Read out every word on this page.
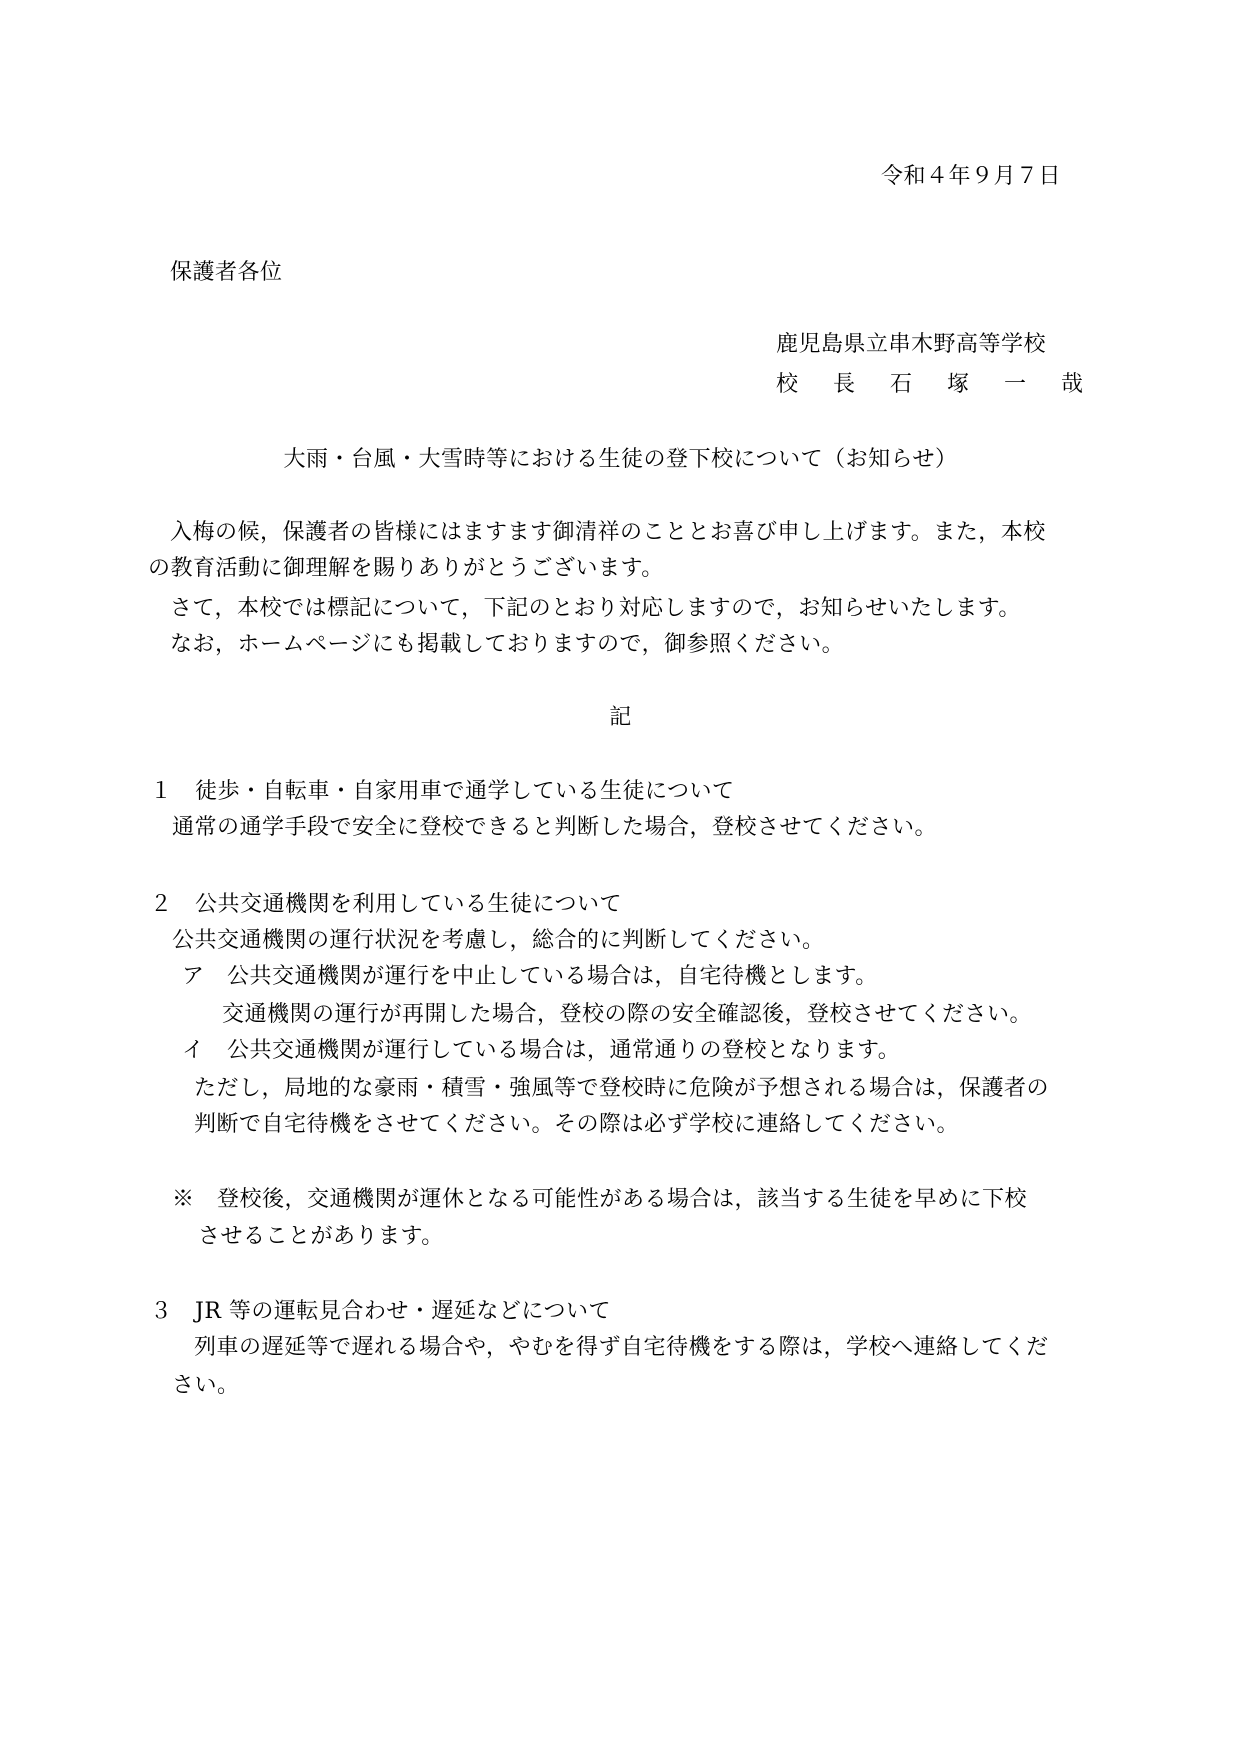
令和４年９月７日
保護者各位
鹿児島県立串木野高等学校
校 長 石 塚 一 哉
大雨・台風・大雪時等における生徒の登下校について（お知らせ）
入梅の候，保護者の皆様にはますます御清祥のこととお喜び申し上げます。また，本校
の教育活動に御理解を賜りありがとうございます。
さて，本校では標記について，下記のとおり対応しますので，お知らせいたします。
なお，ホームページにも掲載しておりますので，御参照ください。
記
１　徒歩・自転車・自家用車で通学している生徒について
通常の通学手段で安全に登校できると判断した場合，登校させてください。
２　公共交通機関を利用している生徒について
公共交通機関の運行状況を考慮し，総合的に判断してください。
ア　公共交通機関が運行を中止している場合は，自宅待機とします。
交通機関の運行が再開した場合，登校の際の安全確認後，登校させてください。
イ　公共交通機関が運行している場合は，通常通りの登校となります。
ただし，局地的な豪雨・積雪・強風等で登校時に危険が予想される場合は，保護者の
判断で自宅待機をさせてください。その際は必ず学校に連絡してください。
※　登校後，交通機関が運休となる可能性がある場合は，該当する生徒を早めに下校
させることがあります。
３　JR 等の運転見合わせ・遅延などについて
列車の遅延等で遅れる場合や，やむを得ず自宅待機をする際は，学校へ連絡してくだ
さい。
